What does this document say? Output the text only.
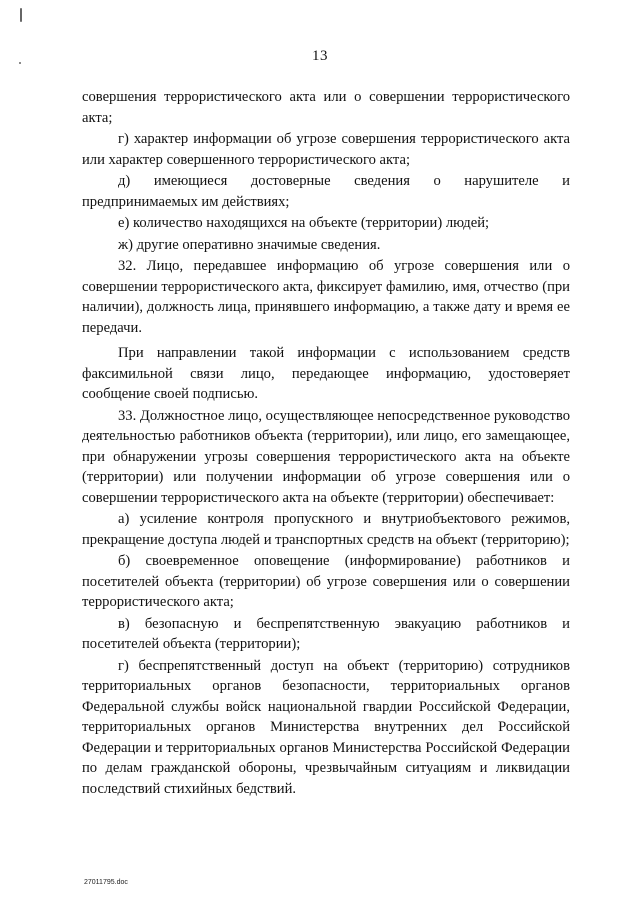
13

совершения террористического акта или о совершении террористического акта;

г) характер информации об угрозе совершения террористического акта или характер совершенного террористического акта;

д) имеющиеся достоверные сведения о нарушителе и предпринимаемых им действиях;

е) количество находящихся на объекте (территории) людей;

ж) другие оперативно значимые сведения.

32. Лицо, передавшее информацию об угрозе совершения или о совершении террористического акта, фиксирует фамилию, имя, отчество (при наличии), должность лица, принявшего информацию, а также дату и время ее передачи.

При направлении такой информации с использованием средств факсимильной связи лицо, передающее информацию, удостоверяет сообщение своей подписью.

33. Должностное лицо, осуществляющее непосредственное руководство деятельностью работников объекта (территории), или лицо, его замещающее, при обнаружении угрозы совершения террористического акта на объекте (территории) или получении информации об угрозе совершения или о совершении террористического акта на объекте (территории) обеспечивает:

а) усиление контроля пропускного и внутриобъектового режимов, прекращение доступа людей и транспортных средств на объект (территорию);

б) своевременное оповещение (информирование) работников и посетителей объекта (территории) об угрозе совершения или о совершении террористического акта;

в) безопасную и беспрепятственную эвакуацию работников и посетителей объекта (территории);

г) беспрепятственный доступ на объект (территорию) сотрудников территориальных органов безопасности, территориальных органов Федеральной службы войск национальной гвардии Российской Федерации, территориальных органов Министерства внутренних дел Российской Федерации и территориальных органов Министерства Российской Федерации по делам гражданской обороны, чрезвычайным ситуациям и ликвидации последствий стихийных бедствий.

27011795.doc
